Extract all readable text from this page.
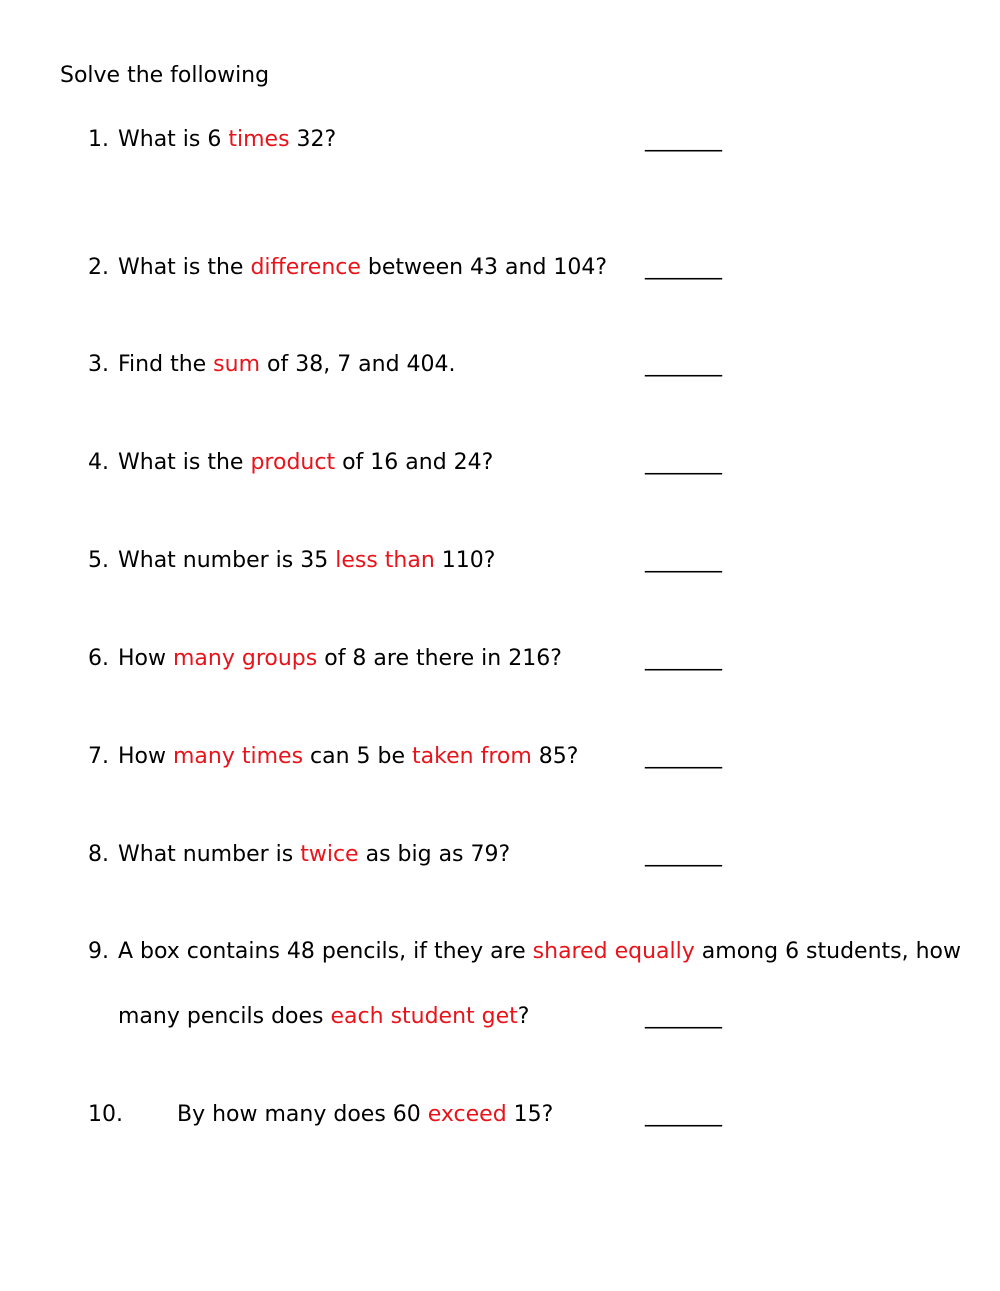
Solve the following
1. What is 6 times 32?	_______
2. What is the difference between 43 and 104? _______
3. Find the sum of 38, 7 and 404.	_______
4. What is the product of 16 and 24?	_______
5. What number is 35 less than 110?	_______
6. How many groups of 8 are there in 216?	_______
7. How many times can 5 be taken from 85?	_______
8. What number is twice as big as 79?	_______
9. A box contains 48 pencils, if they are shared equally among 6 students, how
many pencils does each student get?	_______
10. By how many does 60 exceed 15?	_______
